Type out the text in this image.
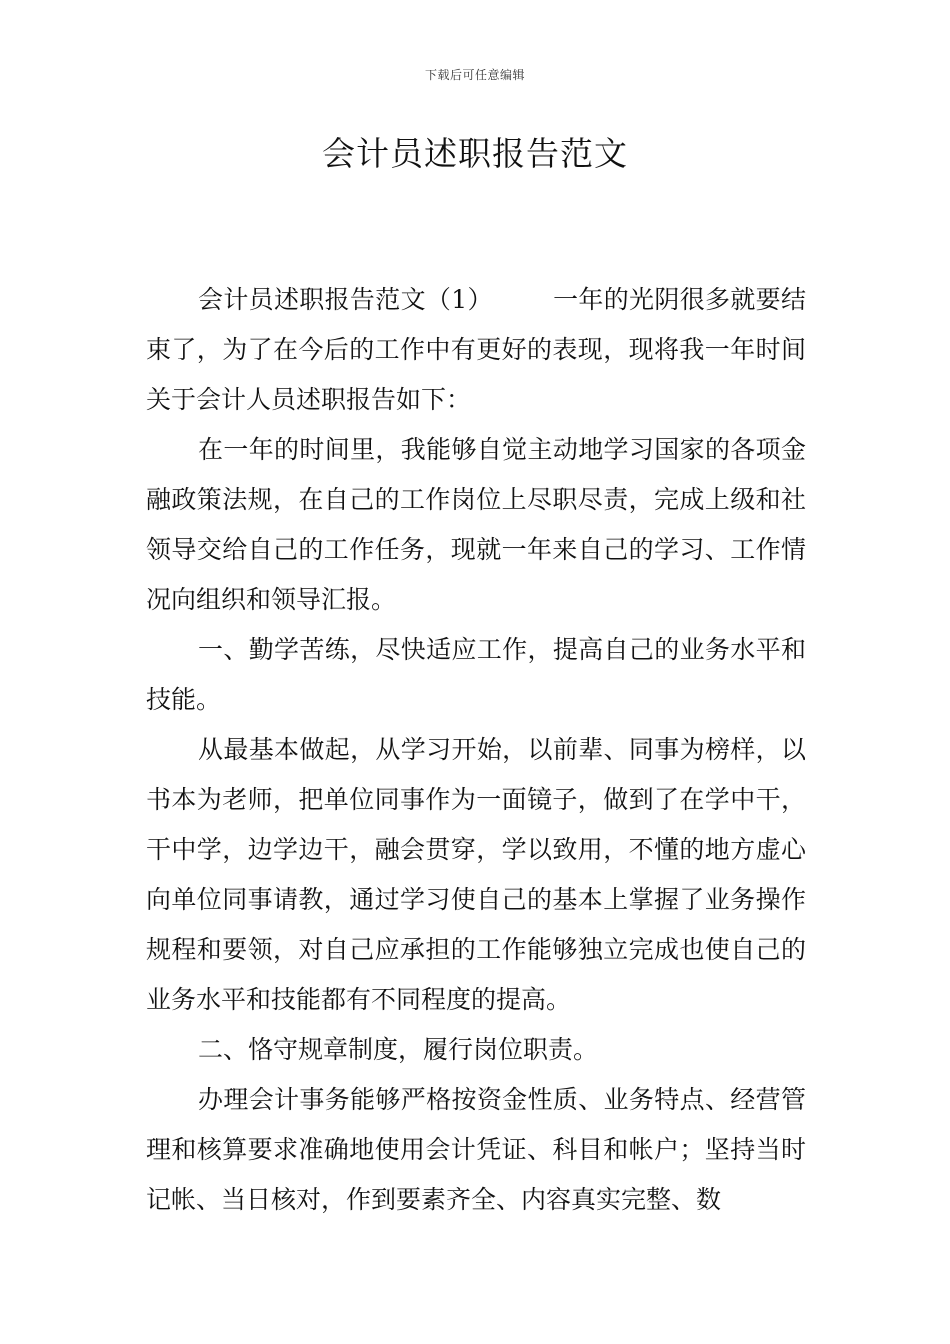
下载后可任意编辑
会计员述职报告范文

会计员述职报告范文（1） 一年的光阴很多就要结束了，为了在今后的工作中有更好的表现，现将我一年时间关于会计人员述职报告如下：

在一年的时间里，我能够自觉主动地学习国家的各项金融政策法规，在自己的工作岗位上尽职尽责，完成上级和社领导交给自己的工作任务，现就一年来自己的学习、工作情况向组织和领导汇报。

一、勤学苦练，尽快适应工作，提高自己的业务水平和技能。

从最基本做起，从学习开始，以前辈、同事为榜样，以书本为老师，把单位同事作为一面镜子，做到了在学中干，干中学，边学边干，融会贯穿，学以致用，不懂的地方虚心向单位同事请教，通过学习使自己的基本上掌握了业务操作规程和要领，对自己应承担的工作能够独立完成也使自己的业务水平和技能都有不同程度的提高。

二、恪守规章制度，履行岗位职责。

办理会计事务能够严格按资金性质、业务特点、经营管理和核算要求准确地使用会计凭证、科目和帐户；坚持当时记帐、当日核对，作到要素齐全、内容真实完整、数
